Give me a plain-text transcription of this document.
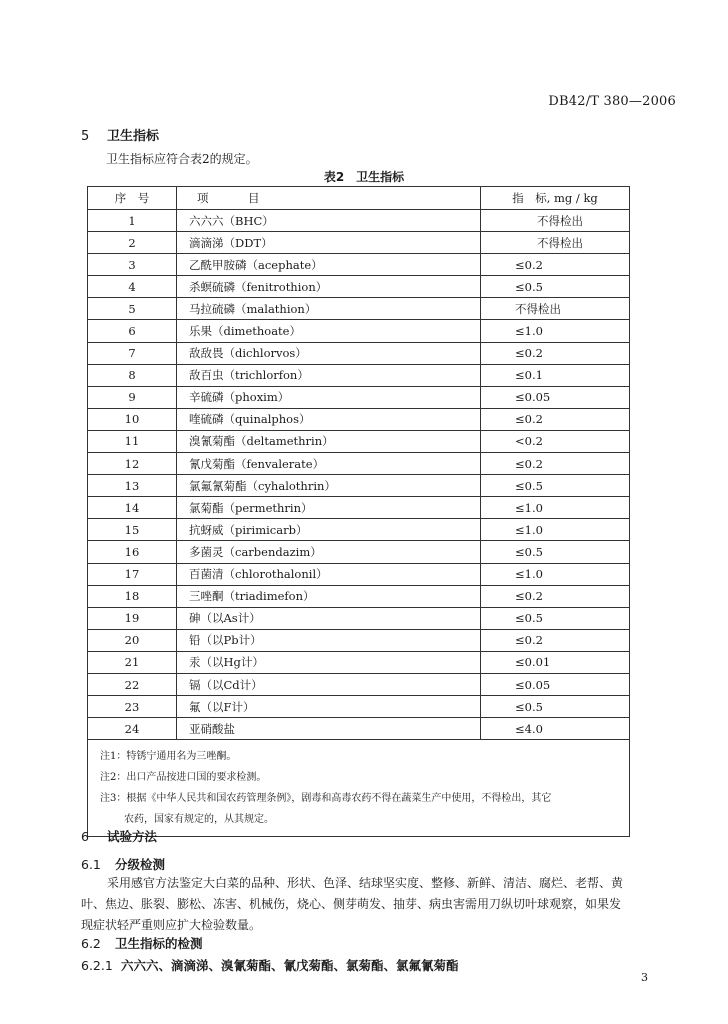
DB42/T 380—2006
5 卫生指标
卫生指标应符合表2的规定。
表2　卫生指标
序　号	项　目	指　标, mg / kg
1	六六六（BHC）	不得检出
2	滴滴涕（DDT）	不得检出
3	乙酰甲胺磷（acephate）	≤0.2
4	杀螟硫磷（fenitrothion）	≤0.5
5	马拉硫磷（malathion）	不得检出
6	乐果（dimethoate）	≤1.0
7	敌敌畏（dichlorvos）	≤0.2
8	敌百虫（trichlorfon）	≤0.1
9	辛硫磷（phoxim）	≤0.05
10	喹硫磷（quinalphos）	≤0.2
11	溴氰菊酯（deltamethrin）	<0.2
12	氰戊菊酯（fenvalerate）	≤0.2
13	氯氟氰菊酯（cyhalothrin）	≤0.5
14	氯菊酯（permethrin）	≤1.0
15	抗蚜威（pirimicarb）	≤1.0
16	多菌灵（carbendazim）	≤0.5
17	百菌清（chlorothalonil）	≤1.0
18	三唑酮（triadimefon）	≤0.2
19	砷（以As计）	≤0.5
20	铅（以Pb计）	≤0.2
21	汞（以Hg计）	≤0.01
22	镉（以Cd计）	≤0.05
23	氟（以F计）	≤0.5
24	亚硝酸盐	≤4.0

注1：特锈宁通用名为三唑酮。
注2：出口产品按进口国的要求检测。
注3：根据《中华人民共和国农药管理条例》，剧毒和高毒农药不得在蔬菜生产中使用，不得检出，其它
农药，国家有规定的，从其规定。		
6 试验方法
6.1 分级检测
采用感官方法鉴定大白菜的品种、形状、色泽、结球坚实度、整修、新鲜、清洁、腐烂、老帮、黄
叶、焦边、胀裂、膨松、冻害、机械伤，烧心、侧芽萌发、抽芽、病虫害需用刀纵切叶球观察，如果发
现症状轻严重则应扩大检验数量。
6.2 卫生指标的检测
6.2.1 六六六、滴滴涕、溴氰菊酯、氰戊菊酯、氯菊酯、氯氟氰菊酯
3
